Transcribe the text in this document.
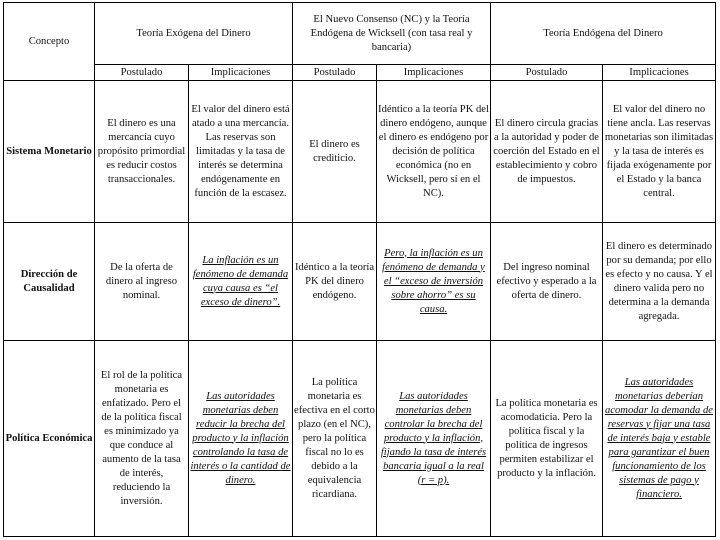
Concepto	Teoría Exógena del Dinero		El Nuevo Consenso (NC) y la Teoría Endógena de Wicksell (con tasa real y bancaria)		Teoría Endógena del Dinero	
	Postulado	Implicaciones	Postulado	Implicaciones	Postulado	Implicaciones
Sistema Monetario	El dinero es una mercancía cuyo propósito primordial es reducir costos transaccionales.	El valor del dinero está atado a una mercancía. Las reservas son limitadas y la tasa de interés se determina endógenamente en función de la escasez.	El dinero es crediticio.	Idéntico a la teoría PK del dinero endógeno, aunque el dinero es endógeno por decisión de política económica (no en Wicksell, pero sí en el NC).	El dinero circula gracias a la autoridad y poder de coerción del Estado en el establecimiento y cobro de impuestos.	El valor del dinero no tiene ancla. Las reservas monetarias son ilimitadas y la tasa de interés es fijada exógenamente por el Estado y la banca central.
Dirección de Causalidad	De la oferta de dinero al ingreso nominal.	La inflación es un fenómeno de demanda cuya causa es “el exceso de dinero”.	Idéntico a la teoría PK del dinero endógeno.	Pero, la inflación es un fenómeno de demanda y el “exceso de inversión sobre ahorro” es su causa.	Del ingreso nominal efectivo y esperado a la oferta de dinero.	El dinero es determinado por su demanda; por ello es efecto y no causa. Y el dinero valida pero no determina a la demanda agregada.
Política Económica	El rol de la política monetaria es enfatizado. Pero el de la política fiscal es minimizado ya que conduce al aumento de la tasa de interés, reduciendo la inversión.	Las autoridades monetarias deben reducir la brecha del producto y la inflación controlando la tasa de interés o la cantidad de dinero.	La política monetaria es efectiva en el corto plazo (en el NC), pero la política fiscal no lo es debido a la equivalencia ricardiana.	Las autoridades monetarias deben controlar la brecha del producto y la inflación, fijando la tasa de interés bancaria igual a la real (r = p).	La política monetaria es acomodaticia. Pero la política fiscal y la política de ingresos permiten estabilizar el producto y la inflación.	Las autoridades monetarias deberían acomodar la demanda de reservas y fijar una tasa de interés baja y estable para garantizar el buen funcionamiento de los sistemas de pago y financiero.
